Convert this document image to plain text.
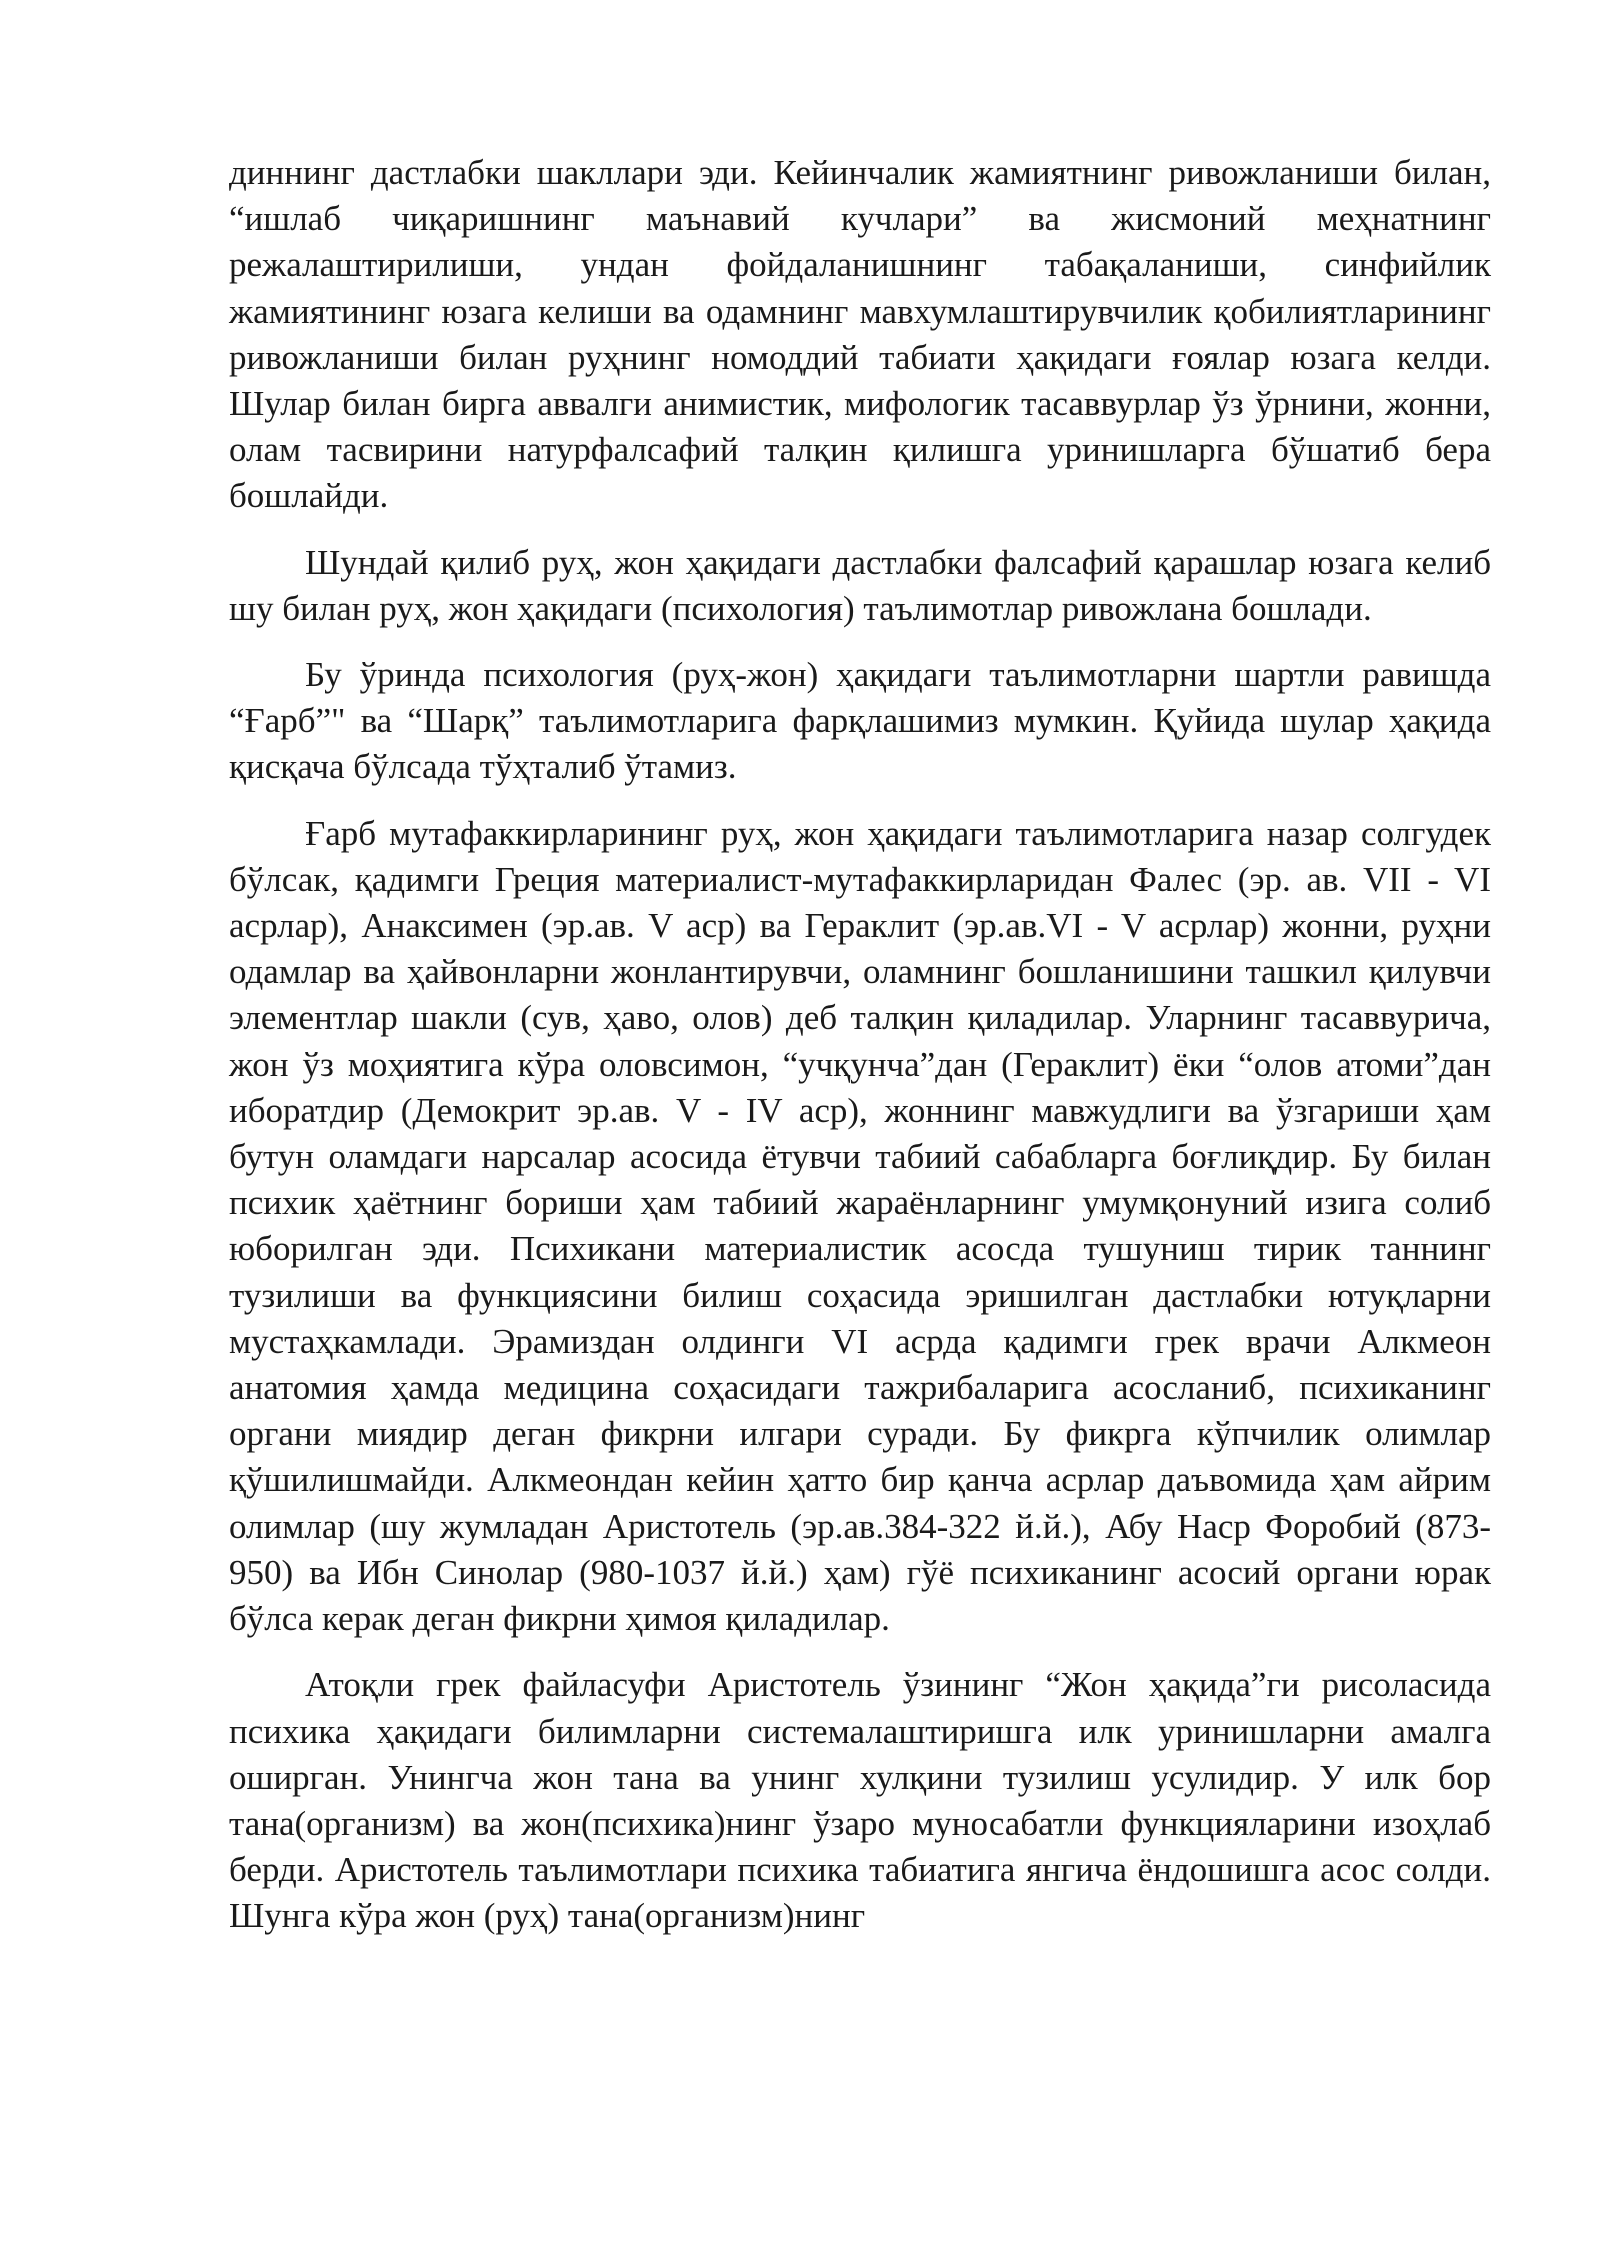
диннинг дастлабки шакллари эди. Кейинчалик жамиятнинг ривожланиши билан, “ишлаб чиқаришнинг маънавий кучлари” ва жисмоний меҳнатнинг режалаштирилиши, ундан фойдаланишнинг табақаланиши, синфийлик жамиятининг юзага келиши ва одамнинг мавхумлаштирувчилик қобилиятларининг ривожланиши билан руҳнинг номоддий табиати ҳақидаги ғоялар юзага келди. Шулар билан бирга аввалги анимистик, мифологик тасаввурлар ўз ўрнини, жонни, олам тасвирини натурфалсафий талқин қилишга уринишларга бўшатиб бера бошлайди.

Шундай қилиб руҳ, жон ҳақидаги дастлабки фалсафий қарашлар юзага келиб шу билан руҳ, жон ҳақидаги (психология) таълимотлар ривожлана бошлади.

Бу ўринда психология (руҳ-жон) ҳақидаги таълимотларни шартли равишда “Ғарб”" ва “Шарқ” таълимотларига фарқлашимиз мумкин. Қуйида шулар ҳақида қисқача бўлсада тўҳталиб ўтамиз.

Ғарб мутафаккирларининг руҳ, жон ҳақидаги таълимотларига назар солгудек бўлсак, қадимги Греция материалист-мутафаккирларидан Фалес (эр. ав. VII - VI асрлар), Анаксимен (эр.ав. V аср) ва Гераклит (эр.ав.VI - V асрлар) жонни, руҳни одамлар ва ҳайвонларни жонлантирувчи, оламнинг бошланишини ташкил қилувчи элементлар шакли (сув, ҳаво, олов) деб талқин қиладилар. Уларнинг тасаввурича, жон ўз моҳиятига кўра оловсимон, “учқунча”дан (Гераклит) ёки “олов атоми”дан иборатдир (Демокрит эр.ав. V - IV аср), жоннинг мавжудлиги ва ўзгариши ҳам бутун оламдаги нарсалар асосида ётувчи табиий сабабларга боғлиқдир. Бу билан психик ҳаётнинг бориши ҳам табиий жараёнларнинг умумқонуний изига солиб юборилган эди. Психикани материалистик асосда тушуниш тирик таннинг тузилиши ва функциясини билиш соҳасида эришилган дастлабки ютуқларни мустаҳкамлади. Эрамиздан олдинги VI асрда қадимги грек врачи Алкмеон анатомия ҳамда медицина соҳасидаги тажрибаларига асосланиб, психиканинг органи миядир деган фикрни илгари суради. Бу фикрга кўпчилик олимлар қўшилишмайди. Алкмеондан кейин ҳатто бир қанча асрлар даъвомида ҳам айрим олимлар (шу жумладан Аристотель (эр.ав.384-322 й.й.), Абу Наср Форобий (873-950) ва Ибн Синолар (980-1037 й.й.) ҳам) гўё психиканинг асосий органи юрак бўлса керак деган фикрни ҳимоя қиладилар.

Атоқли грек файласуфи Аристотель ўзининг “Жон ҳақида”ги рисоласида психика ҳақидаги билимларни системалаштиришга илк уринишларни амалга оширган. Унингча жон тана ва унинг хулқини тузилиш усулидир. У илк бор тана(организм) ва жон(психика)нинг ўзаро муносабатли функцияларини изоҳлаб берди. Аристотель таълимотлари психика табиатига янгича ёндошишга асос солди. Шунга кўра жон (руҳ) тана(организм)нинг
